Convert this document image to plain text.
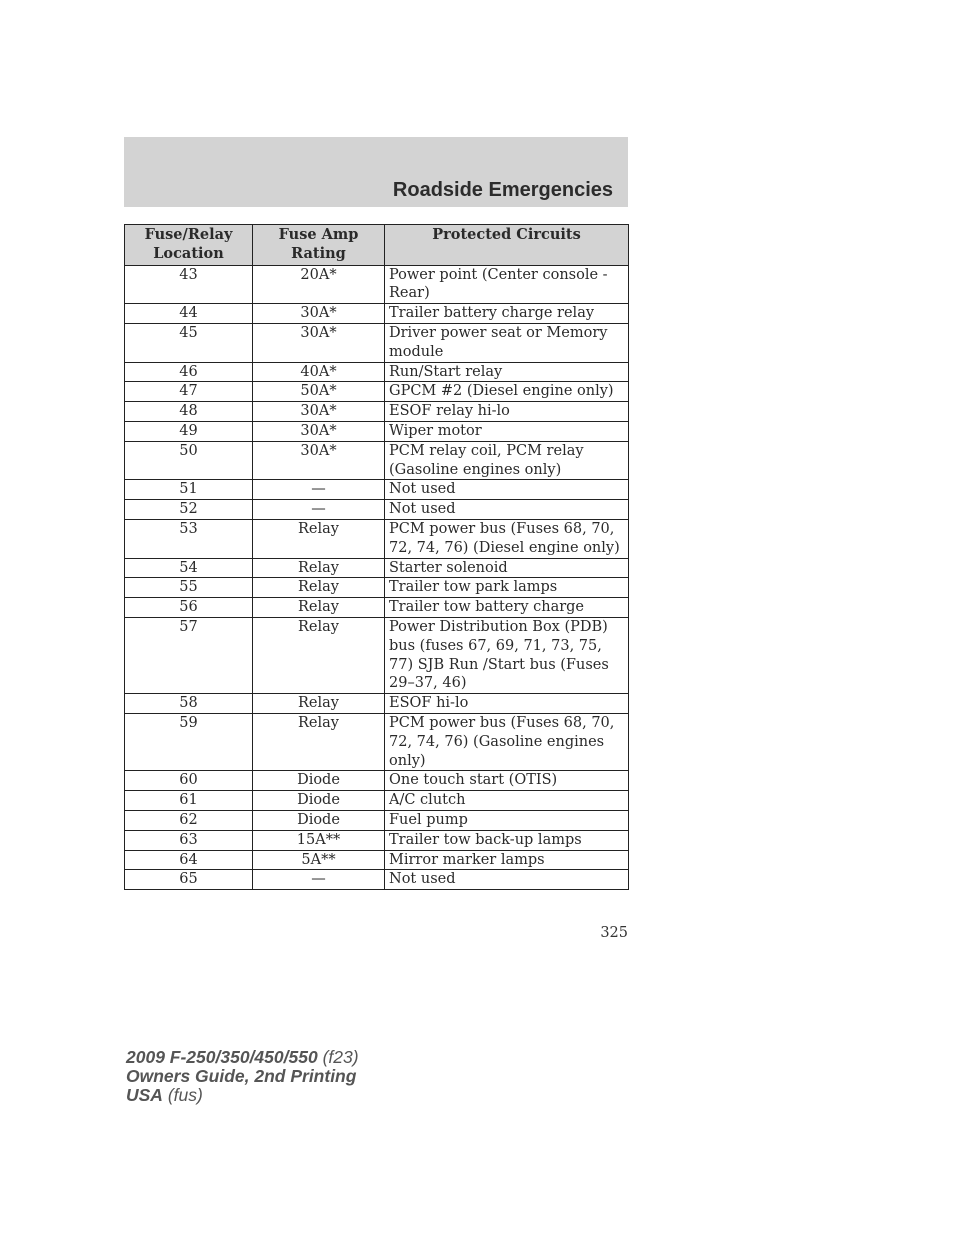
Roadside Emergencies
Fuse/Relay Location	Fuse Amp Rating	Protected Circuits
43	20A*	Power point (Center console - Rear)
44	30A*	Trailer battery charge relay
45	30A*	Driver power seat or Memory module
46	40A*	Run/Start relay
47	50A*	GPCM #2 (Diesel engine only)
48	30A*	ESOF relay hi-lo
49	30A*	Wiper motor
50	30A*	PCM relay coil, PCM relay (Gasoline engines only)
51	—	Not used
52	—	Not used
53	Relay	PCM power bus (Fuses 68, 70, 72, 74, 76) (Diesel engine only)
54	Relay	Starter solenoid
55	Relay	Trailer tow park lamps
56	Relay	Trailer tow battery charge
57	Relay	Power Distribution Box (PDB) bus (fuses 67, 69, 71, 73, 75, 77) SJB Run /Start bus (Fuses 29–37, 46)
58	Relay	ESOF hi-lo
59	Relay	PCM power bus (Fuses 68, 70, 72, 74, 76) (Gasoline engines only)
60	Diode	One touch start (OTIS)
61	Diode	A/C clutch
62	Diode	Fuel pump
63	15A**	Trailer tow back-up lamps
64	5A**	Mirror marker lamps
65	—	Not used
325
2009 F-250/350/450/550 (f23)
Owners Guide, 2nd Printing
USA (fus)
